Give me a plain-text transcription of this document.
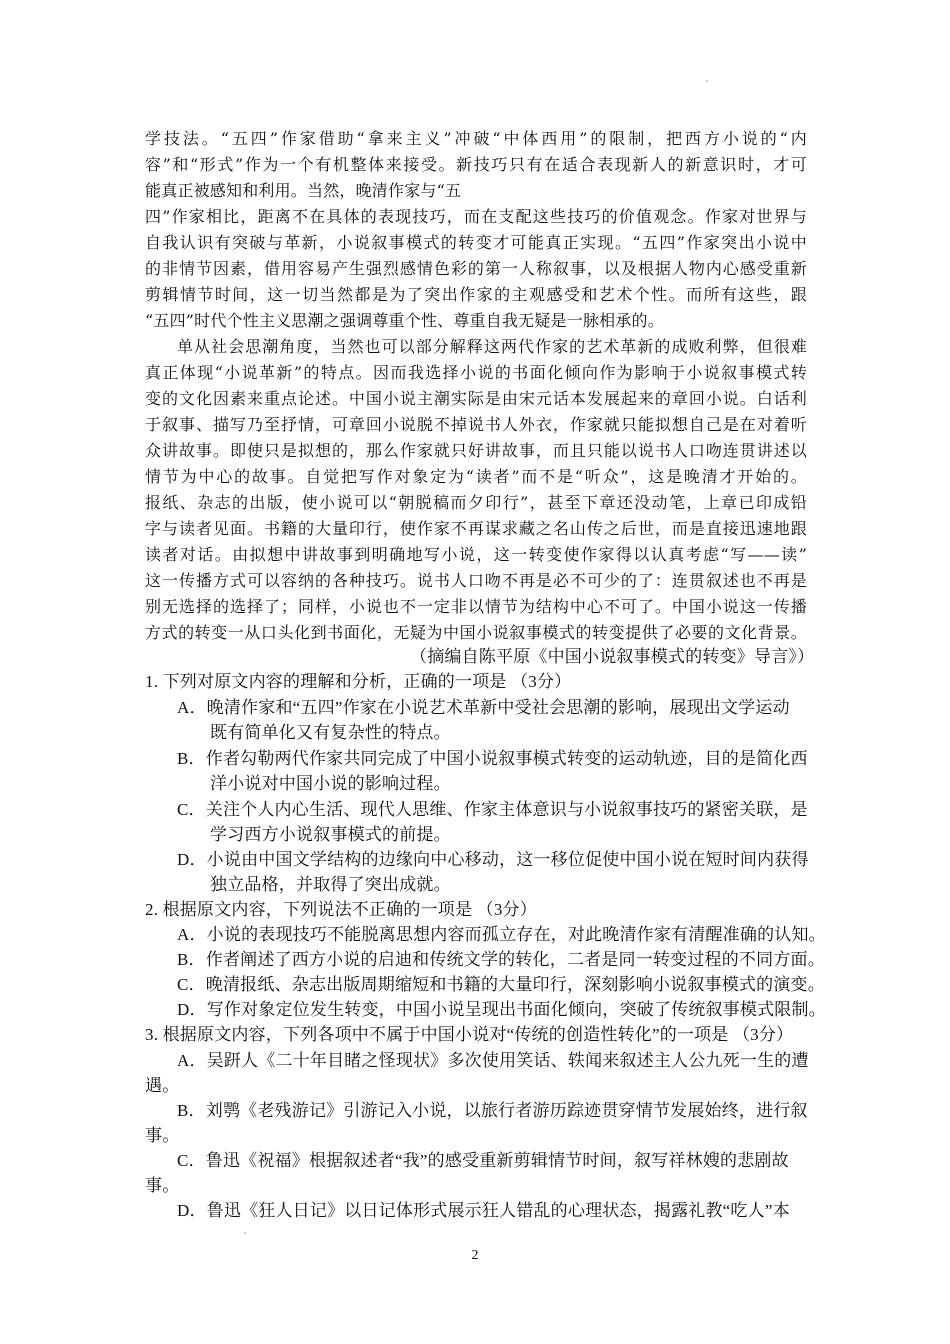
学技法。“五四”作家借助“拿来主义”冲破“中体西用”的限制，把西方小说的“内
容”和“形式”作为一个有机整体来接受。新技巧只有在适合表现新人的新意识时，才可
能真正被感知和利用。当然，晚清作家与“五
四”作家相比，距离不在具体的表现技巧，而在支配这些技巧的价值观念。作家对世界与
自我认识有突破与革新，小说叙事模式的转变才可能真正实现。“五四”作家突出小说中
的非情节因素，借用容易产生强烈感情色彩的第一人称叙事，以及根据人物内心感受重新
剪辑情节时间，这一切当然都是为了突出作家的主观感受和艺术个性。而所有这些，跟
“五四”时代个性主义思潮之强调尊重个性、尊重自我无疑是一脉相承的。
单从社会思潮角度，当然也可以部分解释这两代作家的艺术革新的成败利弊，但很难
真正体现“小说革新”的特点。因而我选择小说的书面化倾向作为影响于小说叙事模式转
变的文化因素来重点论述。中国小说主潮实际是由宋元话本发展起来的章回小说。白话利
于叙事、描写乃至抒情，可章回小说脱不掉说书人外衣，作家就只能拟想自己是在对着听
众讲故事。即使只是拟想的，那么作家就只好讲故事，而且只能以说书人口吻连贯讲述以
情节为中心的故事。自觉把写作对象定为“读者”而不是“听众”，这是晚清才开始的。
报纸、杂志的出版，使小说可以“朝脱稿而夕印行”，甚至下章还没动笔，上章已印成铅
字与读者见面。书籍的大量印行，使作家不再谋求藏之名山传之后世，而是直接迅速地跟
读者对话。由拟想中讲故事到明确地写小说，这一转变使作家得以认真考虑“写——读”
这一传播方式可以容纳的各种技巧。说书人口吻不再是必不可少的了：连贯叙述也不再是
别无选择的选择了；同样，小说也不一定非以情节为结构中心不可了。中国小说这一传播
方式的转变一从口头化到书面化，无疑为中国小说叙事模式的转变提供了必要的文化背景。
（摘编自陈平原《中国小说叙事模式的转变》导言》）
1. 下列对原文内容的理解和分析，正确的一项是 （3分）
A．晚清作家和“五四”作家在小说艺术革新中受社会思潮的影响，展现出文学运动
既有简单化又有复杂性的特点。
B．作者勾勒两代作家共同完成了中国小说叙事模式转变的运动轨迹，目的是简化西
洋小说对中国小说的影响过程。
C．关注个人内心生活、现代人思维、作家主体意识与小说叙事技巧的紧密关联，是
学习西方小说叙事模式的前提。
D．小说由中国文学结构的边缘向中心移动，这一移位促使中国小说在短时间内获得
独立品格，并取得了突出成就。
2. 根据原文内容，下列说法不正确的一项是 （3分）
A．小说的表现技巧不能脱离思想内容而孤立存在，对此晚清作家有清醒准确的认知。
B．作者阐述了西方小说的启迪和传统文学的转化，二者是同一转变过程的不同方面。
C．晚清报纸、杂志出版周期缩短和书籍的大量印行，深刻影响小说叙事模式的演变。
D．写作对象定位发生转变，中国小说呈现出书面化倾向，突破了传统叙事模式限制。
3. 根据原文内容，下列各项中不属于中国小说对“传统的创造性转化”的一项是 （3分）
A．吴趼人《二十年目睹之怪现状》多次使用笑话、轶闻来叙述主人公九死一生的遭
遇。
B．刘鹗《老残游记》引游记入小说，以旅行者游历踪迹贯穿情节发展始终，进行叙
事。
C．鲁迅《祝福》根据叙述者“我”的感受重新剪辑情节时间，叙写祥林嫂的悲剧故
事。
D．鲁迅《狂人日记》以日记体形式展示狂人错乱的心理状态，揭露礼教“吃人”本
2
